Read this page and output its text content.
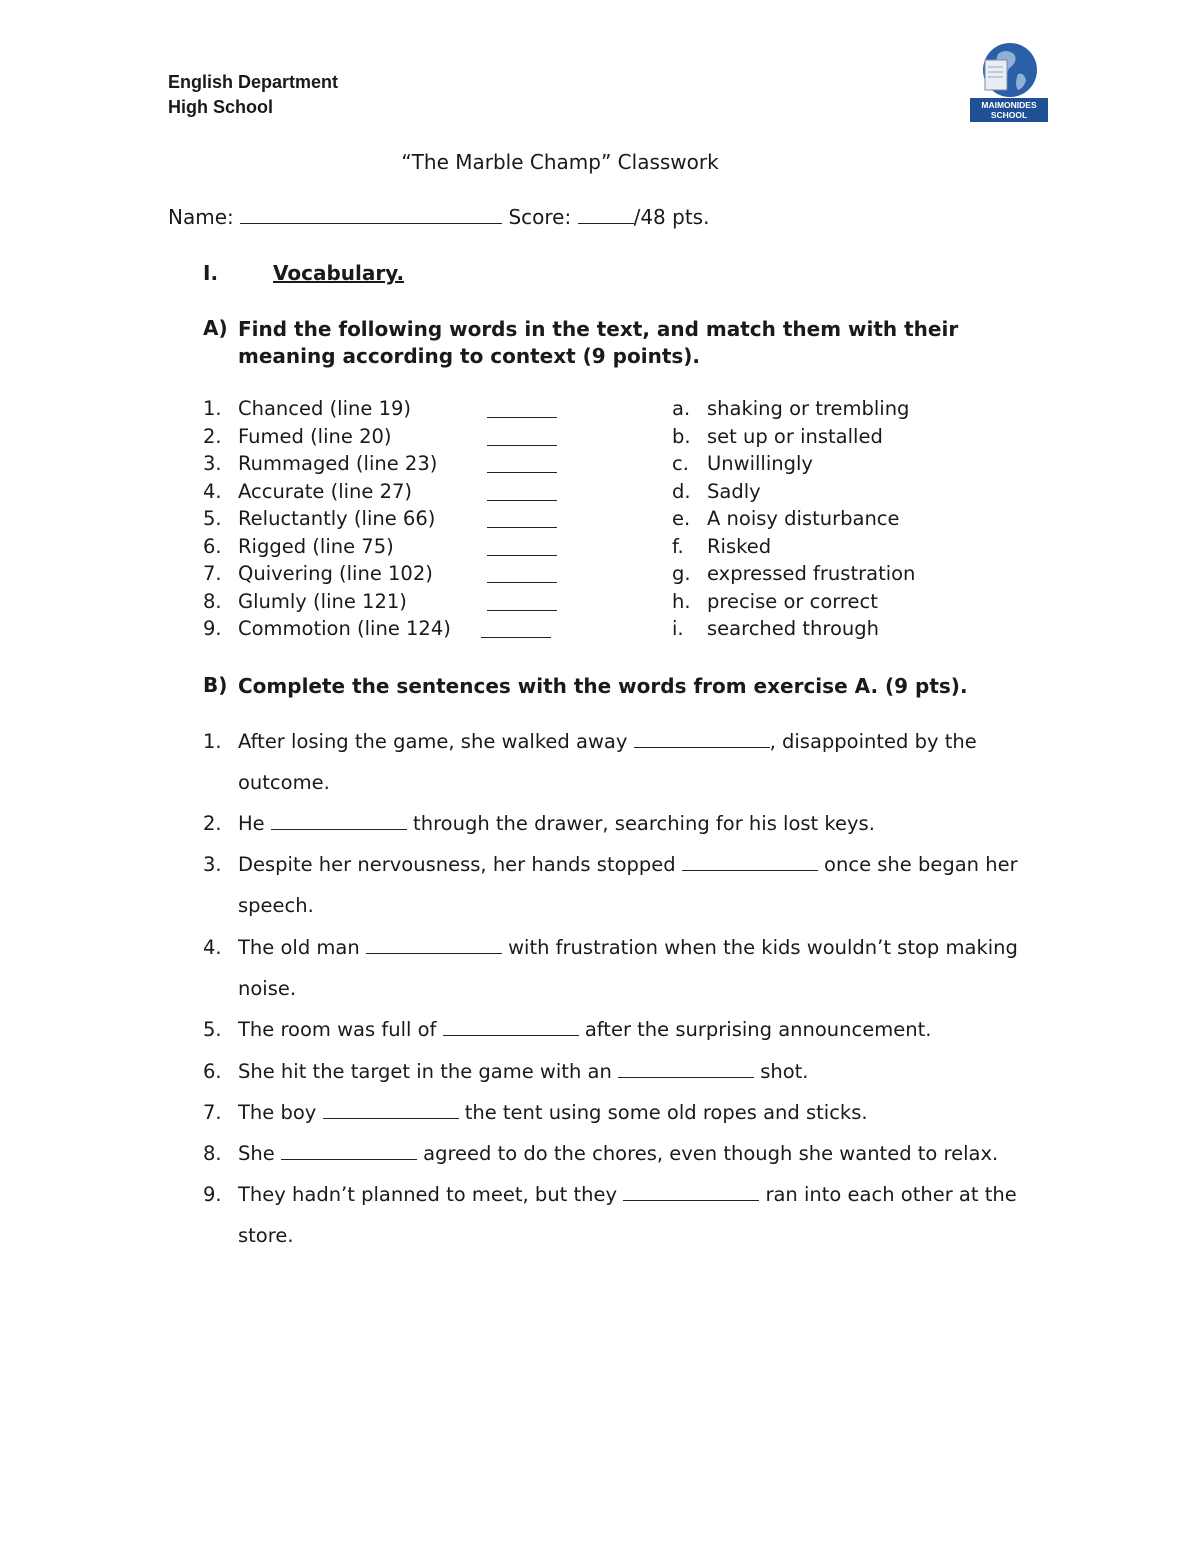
English Department
High School	MAIMONIDES
SCHOOL
“The Marble Champ” Classwork
Name:	Score:	/48 pts.
I.	Vocabulary.
A) Find the following words in the text, and match them with their meaning according to context (9 points).
1. Chanced (line 19)	a. shaking or trembling
2. Fumed (line 20)	b. set up or installed
3. Rummaged (line 23)	c. Unwillingly
4. Accurate (line 27)	d. Sadly
5. Reluctantly (line 66)	e. A noisy disturbance
6. Rigged (line 75)	f. Risked
7. Quivering (line 102)	g. expressed frustration
8. Glumly (line 121)	h. precise or correct
9. Commotion (line 124)	i. searched through
B) Complete the sentences with the words from exercise A. (9 pts).
1. After losing the game, she walked away	, disappointed by the outcome.
2. He	through the drawer, searching for his lost keys.
3. Despite her nervousness, her hands stopped	once she began her speech.
4. The old man	with frustration when the kids wouldn’t stop making noise.
5. The room was full of	after the surprising announcement.
6. She hit the target in the game with an	shot.
7. The boy	the tent using some old ropes and sticks.
8. She	agreed to do the chores, even though she wanted to relax.
9. They hadn’t planned to meet, but they	ran into each other at the store.
